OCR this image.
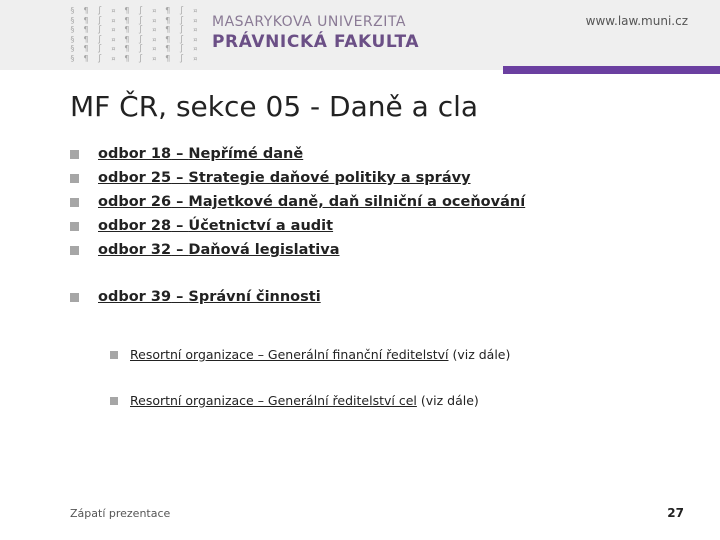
§ ¶ ∫ ¤ ¶ ∫ ¤ ¶ ∫ ¤
§ ¶ ∫ ¤ ¶ ∫ ¤ ¶ ∫ ¤
§ ¶ ∫ ¤ ¶ ∫ ¤ ¶ ∫ ¤
§ ¶ ∫ ¤ ¶ ∫ ¤ ¶ ∫ ¤
§ ¶ ∫ ¤ ¶ ∫ ¤ ¶ ∫ ¤
§ ¶ ∫ ¤ ¶ ∫ ¤ ¶ ∫ ¤
MASARYKOVA UNIVERZITA
PRÁVNICKÁ FAKULTA
www.law.muni.cz
MF ČR, sekce 05 - Daně a cla
odbor 18 – Nepřímé daně
odbor 25 – Strategie daňové politiky a správy
odbor 26 – Majetkové daně, daň silniční a oceňování
odbor 28 – Účetnictví a audit
odbor 32 – Daňová legislativa
odbor 39 – Správní činnosti
Resortní organizace – Generální finanční ředitelství (viz dále)
Resortní organizace – Generální ředitelství cel (viz dále)
Zápatí prezentace	27
